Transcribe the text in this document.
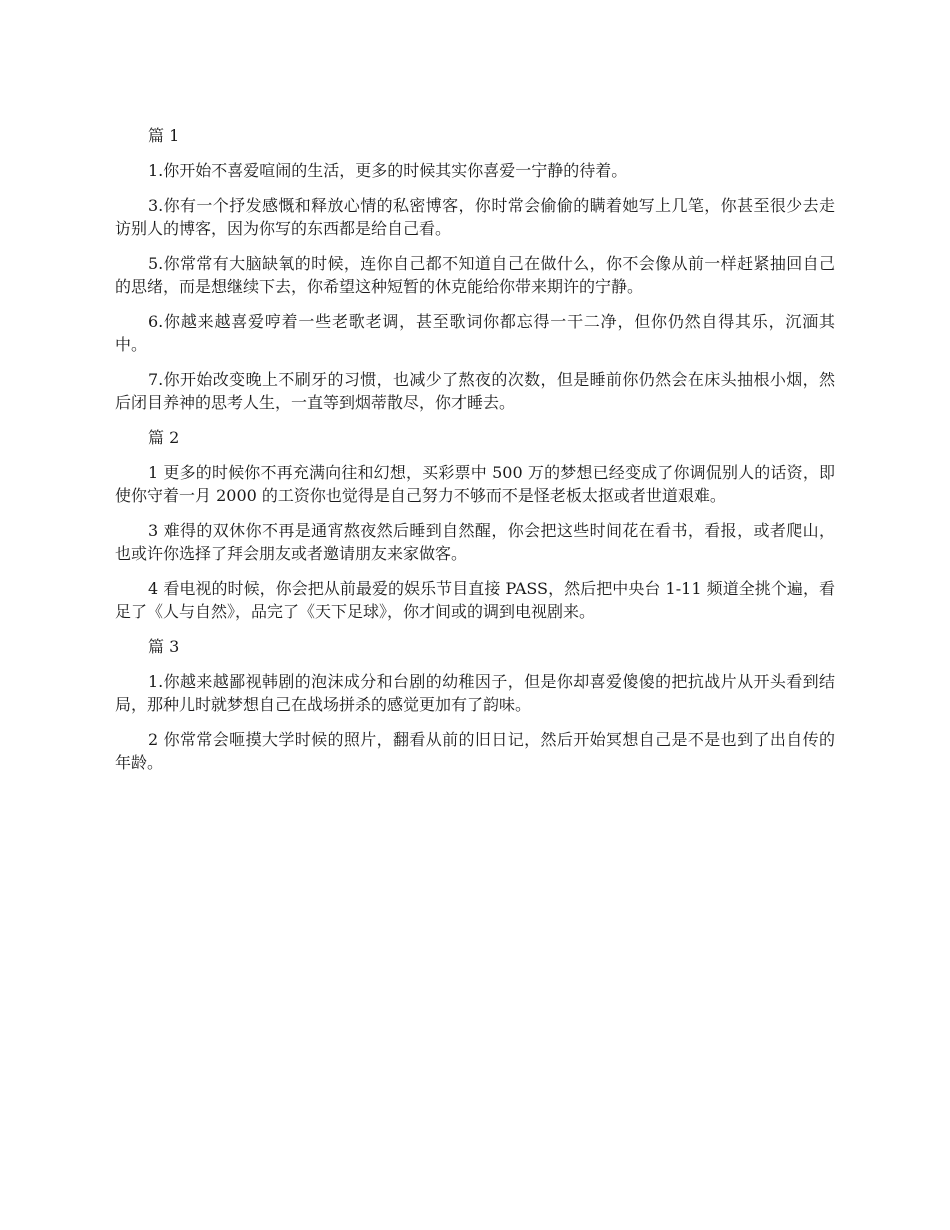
篇 1

1.你开始不喜爱喧闹的生活，更多的时候其实你喜爱一宁静的待着。

3.你有一个抒发感慨和释放心情的私密博客，你时常会偷偷的瞒着她写上几笔，你甚至很少去走访别人的博客，因为你写的东西都是给自己看。

5.你常常有大脑缺氧的时候，连你自己都不知道自己在做什么，你不会像从前一样赶紧抽回自己的思绪，而是想继续下去，你希望这种短暂的休克能给你带来期许的宁静。

6.你越来越喜爱哼着一些老歌老调，甚至歌词你都忘得一干二净，但你仍然自得其乐，沉湎其中。

7.你开始改变晚上不刷牙的习惯，也减少了熬夜的次数，但是睡前你仍然会在床头抽根小烟，然后闭目养神的思考人生，一直等到烟蒂散尽，你才睡去。

篇 2

1 更多的时候你不再充满向往和幻想，买彩票中 500 万的梦想已经变成了你调侃别人的话资，即使你守着一月 2000 的工资你也觉得是自己努力不够而不是怪老板太抠或者世道艰难。

3 难得的双休你不再是通宵熬夜然后睡到自然醒，你会把这些时间花在看书，看报，或者爬山，也或许你选择了拜会朋友或者邀请朋友来家做客。

4 看电视的时候，你会把从前最爱的娱乐节目直接 PASS，然后把中央台 1-11 频道全挑个遍，看足了《人与自然》，品完了《天下足球》，你才间或的调到电视剧来。

篇 3

1.你越来越鄙视韩剧的泡沫成分和台剧的幼稚因子，但是你却喜爱傻傻的把抗战片从开头看到结局，那种儿时就梦想自己在战场拼杀的感觉更加有了韵味。

2 你常常会咂摸大学时候的照片，翻看从前的旧日记，然后开始冥想自己是不是也到了出自传的年龄。
